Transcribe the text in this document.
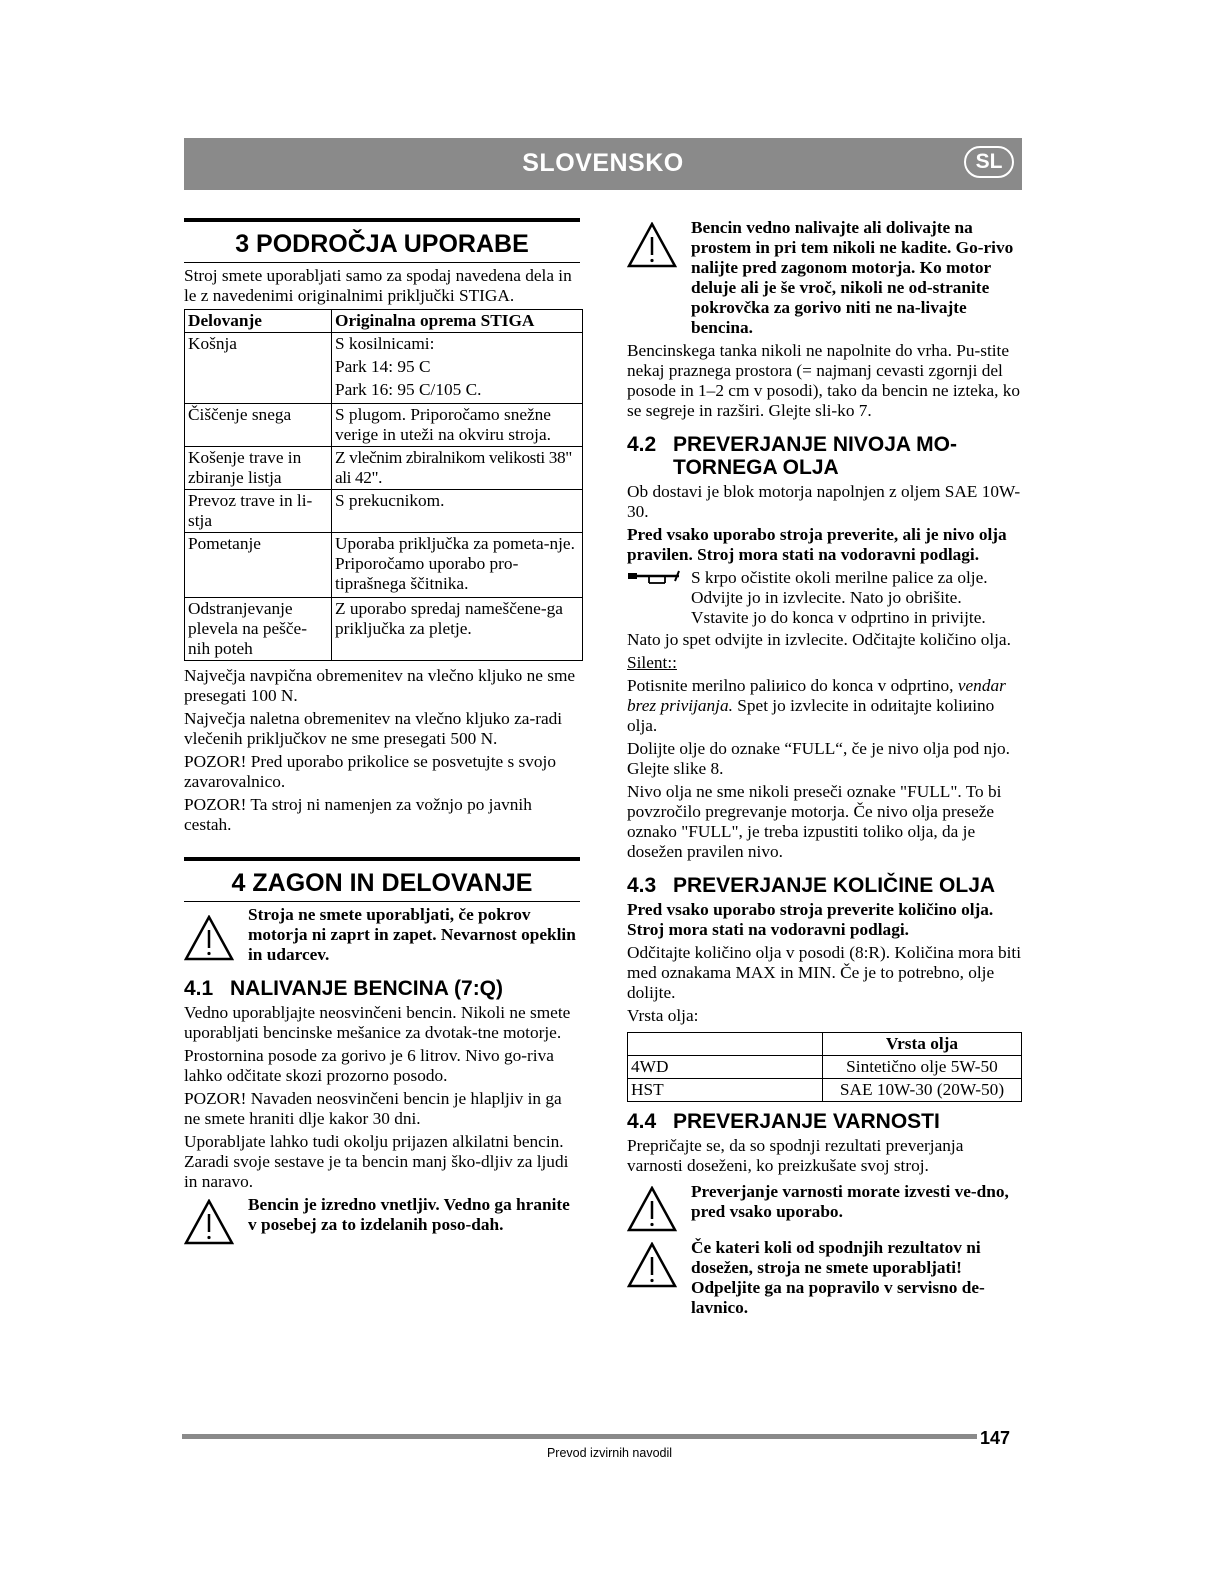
SLOVENSKO	SL
3 PODROČJA UPORABE

Stroj smete uporabljati samo za spodaj navedena dela in le z navedenimi originalnimi priključki STIGA.

Delovanje	Originalna oprema STIGA
Košnja	S kosilnicami:
Park 14: 95 C
Park 16: 95 C/105 C.

Čiščenje snega	S plugom. Priporočamo snežne verige in uteži na okviru stroja.
Košenje trave in zbiranje listja	Z vlečnim zbiralnikom velikosti 38" ali 42".
Prevoz trave in li-stja	S prekucnikom.
Pometanje	Uporaba priključka za pometa-nje. Priporočamo uporabo pro-tiprašnega ščitnika.
Odstranjevanje plevela na pešče-nih poteh	Z uporabo spredaj nameščene-ga priključka za pletje.

Največja navpična obremenitev na vlečno kljuko ne sme presegati 100 N.

Največja naletna obremenitev na vlečno kljuko za-radi vlečenih priključkov ne sme presegati 500 N.

POZOR! Pred uporabo prikolice se posvetujte s svojo zavarovalnico.

POZOR! Ta stroj ni namenjen za vožnjo po javnih cestah.

4 ZAGON IN DELOVANJE
Stroja ne smete uporabljati, če pokrov motorja ni zaprt in zapet. Nevarnost opeklin in udarcev.
4.1 NALIVANJE BENCINA (7:Q)

Vedno uporabljajte neosvinčeni bencin. Nikoli ne smete uporabljati bencinske mešanice za dvotak-tne motorje.

Prostornina posode za gorivo je 6 litrov. Nivo go-riva lahko odčitate skozi prozorno posodo.

POZOR! Navaden neosvinčeni bencin je hlapljiv in ga ne smete hraniti dlje kakor 30 dni.

Uporabljate lahko tudi okolju prijazen alkilatni bencin. Zaradi svoje sestave je ta bencin manj ško-dljiv za ljudi in naravo.

Bencin je izredno vnetljiv. Vedno ga hranite v posebej za to izdelanih poso-dah.
Bencin vedno nalivajte ali dolivajte na prostem in pri tem nikoli ne kadite. Go-rivo nalijte pred zagonom motorja. Ko motor deluje ali je še vroč, nikoli ne od-stranite pokrovčka za gorivo niti ne na-livajte bencina.

Bencinskega tanka nikoli ne napolnite do vrha. Pu-stite nekaj praznega prostora (= najmanj cevasti zgornji del posode in 1–2 cm v posodi), tako da bencin ne izteka, ko se segreje in razširi. Glejte sli-ko 7.

4.2 PREVERJANJE NIVOJA MO-TORNEGA OLJA

Ob dostavi je blok motorja napolnjen z oljem SAE 10W-30.

Pred vsako uporabo stroja preverite, ali je nivo olja pravilen. Stroj mora stati na vodoravni podlagi.

S krpo očistite okoli merilne palice za olje. Odvijte jo in izvlecite. Nato jo obrišite. Vstavite jo do konca v odprtino in privijte.

Nato jo spet odvijte in izvlecite. Odčitajte količino olja.

Silent::

Potisnite merilno paliиico do konca v odprtino, vendar brez privijanja. Spet jo izvlecite in odиitajte koliиino olja.

Dolijte olje do oznake “FULL“, če je nivo olja pod njo. Glejte slike 8.

Nivo olja ne sme nikoli preseči oznake "FULL". To bi povzročilo pregrevanje motorja. Če nivo olja preseže oznako "FULL", je treba izpustiti toliko olja, da je dosežen pravilen nivo.

4.3 PREVERJANJE KOLIČINE OLJA

Pred vsako uporabo stroja preverite količino olja. Stroj mora stati na vodoravni podlagi.

Odčitajte količino olja v posodi (8:R). Količina mora biti med oznakama MAX in MIN. Če je to potrebno, olje dolijte.

Vrsta olja:

	Vrsta olja
4WD	Sintetično olje 5W-50
HST	SAE 10W-30 (20W-50)
4.4 PREVERJANJE VARNOSTI

Prepričajte se, da so spodnji rezultati preverjanja varnosti doseženi, ko preizkušate svoj stroj.

Preverjanje varnosti morate izvesti ve-dno, pred vsako uporabo.
Če kateri koli od spodnjih rezultatov ni dosežen, stroja ne smete uporabljati! Odpeljite ga na popravilo v servisno de-lavnico.
147
Prevod izvirnih navodil
